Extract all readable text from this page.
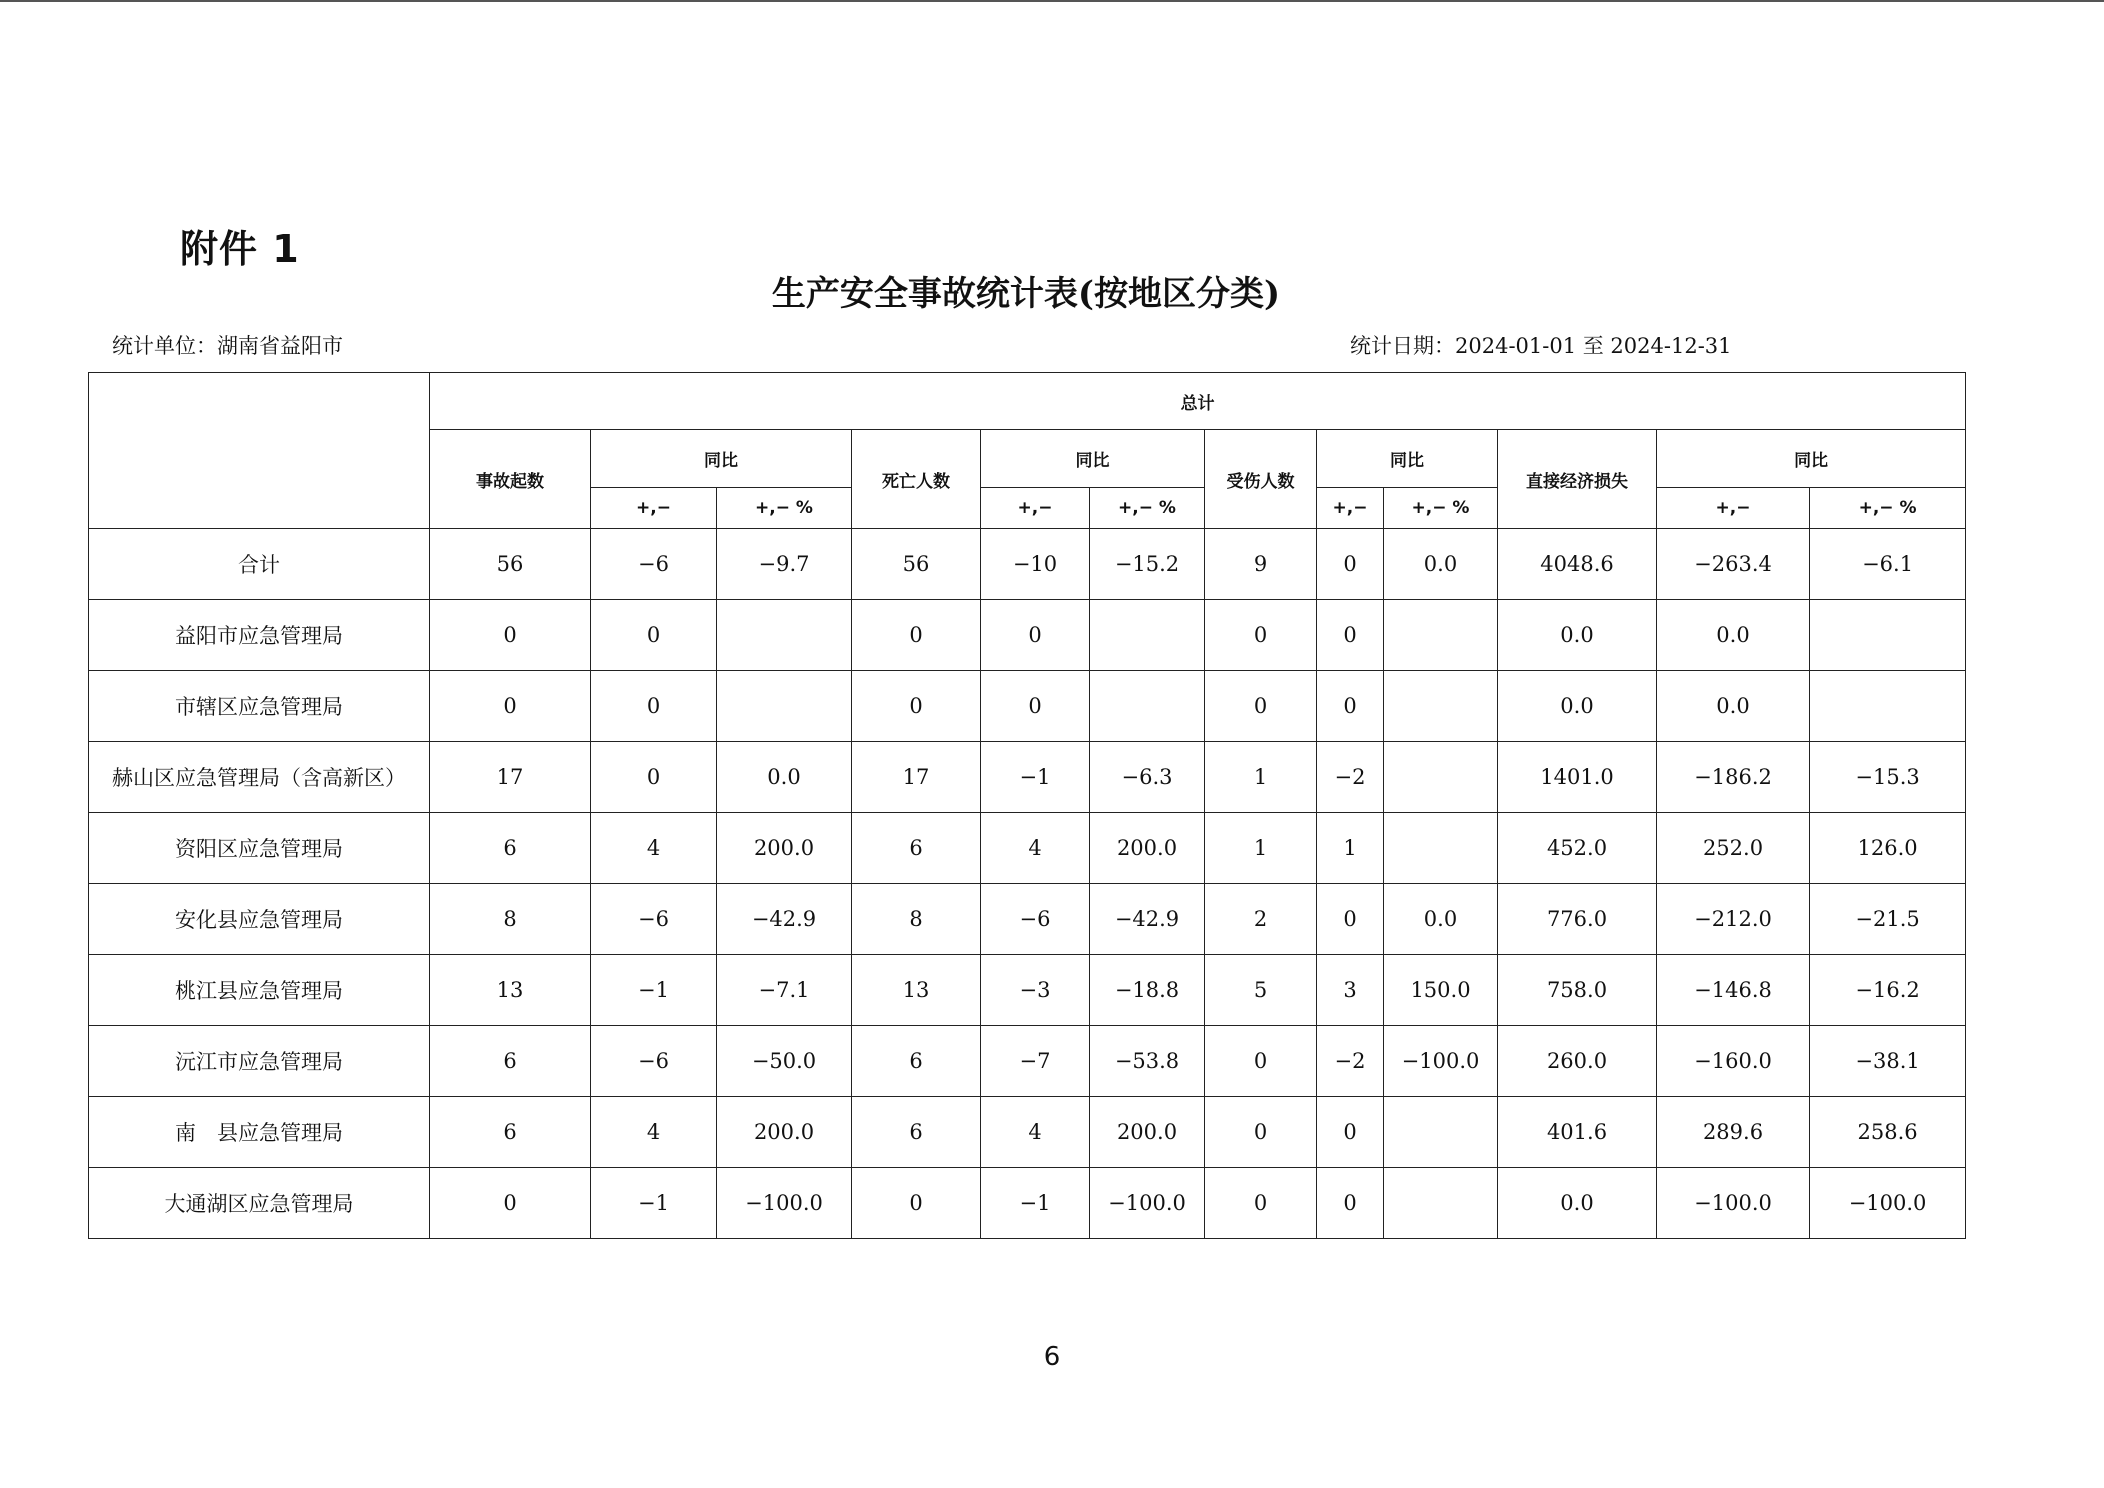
附件 1
生产安全事故统计表(按地区分类)
统计单位：湖南省益阳市	统计日期：2024-01-01 至 2024-12-31
	总计											
	事故起数	同比		死亡人数	同比		受伤人数	同比		直接经济损失	同比	
		+,−	+,− %		+,−	+,− %		+,−	+,− %		+,−	+,− %
合计	56	−6	−9.7	56	−10	−15.2	9	0	0.0	4048.6	−263.4	−6.1
益阳市应急管理局	0	0		0	0		0	0		0.0	0.0	
市辖区应急管理局	0	0		0	0		0	0		0.0	0.0	
赫山区应急管理局（含高新区）	17	0	0.0	17	−1	−6.3	1	−2		1401.0	−186.2	−15.3
资阳区应急管理局	6	4	200.0	6	4	200.0	1	1		452.0	252.0	126.0
安化县应急管理局	8	−6	−42.9	8	−6	−42.9	2	0	0.0	776.0	−212.0	−21.5
桃江县应急管理局	13	−1	−7.1	13	−3	−18.8	5	3	150.0	758.0	−146.8	−16.2
沅江市应急管理局	6	−6	−50.0	6	−7	−53.8	0	−2	−100.0	260.0	−160.0	−38.1
南　县应急管理局	6	4	200.0	6	4	200.0	0	0		401.6	289.6	258.6
大通湖区应急管理局	0	−1	−100.0	0	−1	−100.0	0	0		0.0	−100.0	−100.0
6
